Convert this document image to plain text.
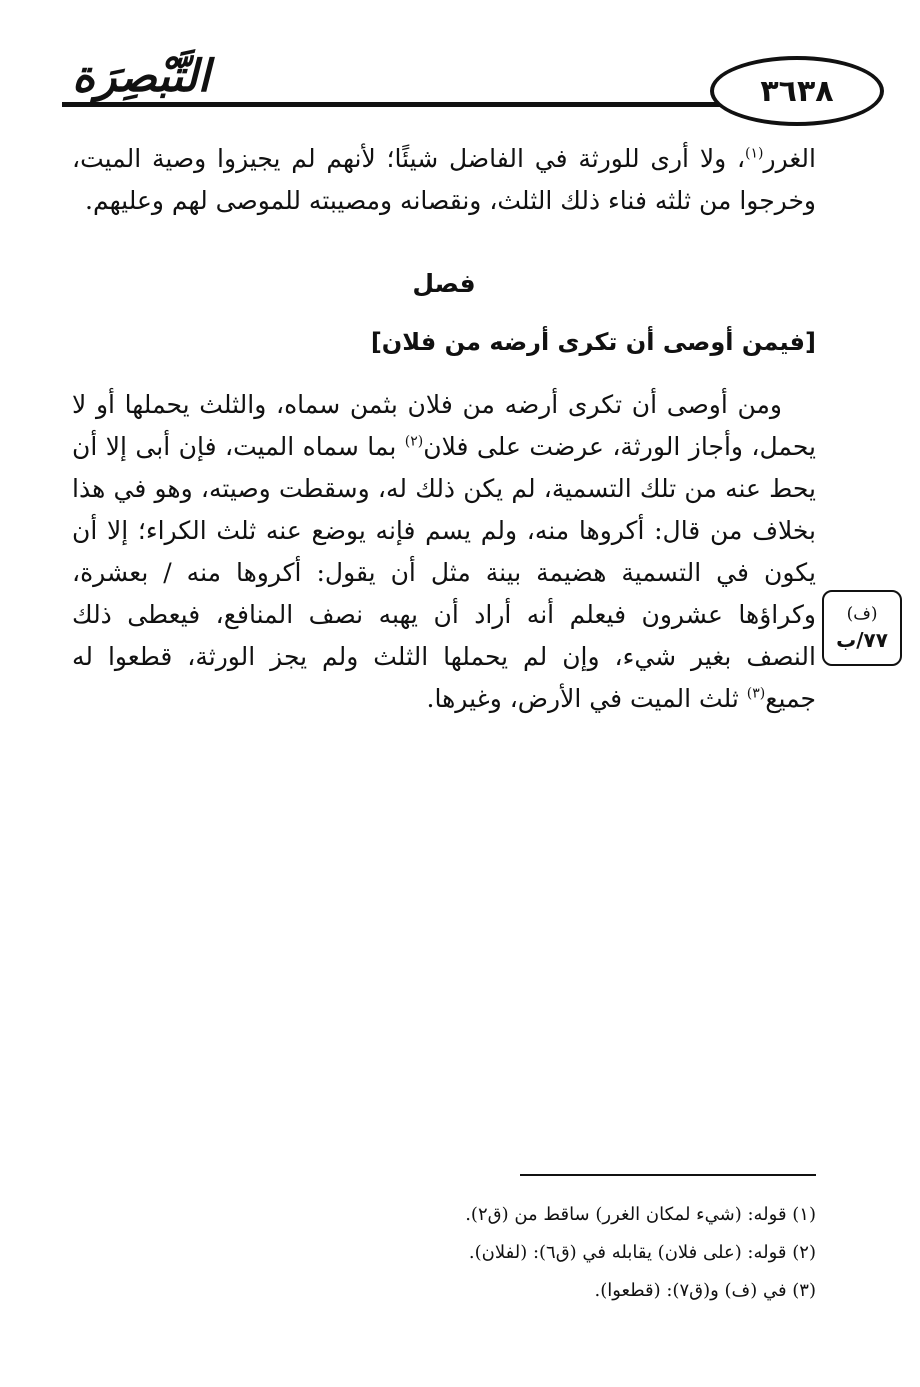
٣٦٣٨
التَّبْصِرَة

الغرر$^{(١)}$، ولا أرى للورثة في الفاضل شيئًا؛ لأنهم لم يجيزوا وصية الميت، وخرجوا من ثلثه فناء ذلك الثلث، ونقصانه ومصيبته للموصى لهم وعليهم.

فصل
[فيمن أوصى أن تكرى أرضه من فلان]

ومن أوصى أن تكرى أرضه من فلان بثمن سماه، والثلث يحملها أو لا يحمل، وأجاز الورثة، عرضت على فلان$^{(٢)}$ بما سماه الميت، فإن أبى إلا أن يحط عنه من تلك التسمية، لم يكن ذلك له، وسقطت وصيته، وهو في هذا بخلاف من قال: أكروها منه، ولم يسم فإنه يوضع عنه ثلث الكراء؛ إلا أن يكون في التسمية هضيمة بينة مثل أن يقول: أكروها منه / بعشرة، وكراؤها عشرون فيعلم أنه أراد أن يهبه نصف المنافع، فيعطى ذلك النصف بغير شيء، وإن لم يحملها الثلث ولم يجز الورثة، قطعوا له جميع$^{(٣)}$ ثلث الميت في الأرض، وغيرها.

(ف)
٧٧/ب

(١) قوله: (شيء لمكان الغرر) ساقط من (ق٢).

(٢) قوله: (على فلان) يقابله في (ق٦): (لفلان).

(٣) في (ف) و(ق٧): (قطعوا).
